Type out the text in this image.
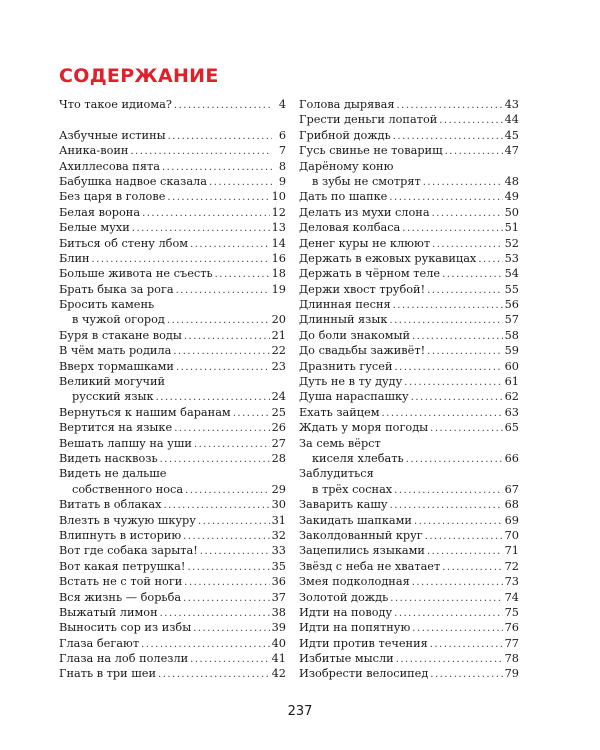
СОДЕРЖАНИЕ
Что такое идиома? .....	4
Азбучные истины .....	6
Аника-воин .....	7
Ахиллесова пята .....	8
Бабушка надвое сказала .....	9
Без царя в голове .....	10
Белая ворона .....	12
Белые мухи .....	13
Биться об стену лбом .....	14
Блин .....	16
Больше живота не съесть .....	18
Брать быка за рога .....	19
Бросить камень
в чужой огород .....	20
Буря в стакане воды .....	21
В чём мать родила .....	22
Вверх тормашками .....	23
Великий могучий
русский язык .....	24
Вернуться к нашим баранам .....	25
Вертится на языке .....	26
Вешать лапшу на уши .....	27
Видеть насквозь .....	28
Видеть не дальше
собственного носа .....	29
Витать в облаках .....	30
Влезть в чужую шкуру .....	31
Влипнуть в историю .....	32
Вот где собака зарыта! .....	33
Вот какая петрушка! .....	35
Встать не с той ноги .....	36
Вся жизнь — борьба .....	37
Выжатый лимон .....	38
Выносить сор из избы .....	39
Глаза бегают .....	40
Глаза на лоб полезли .....	41
Гнать в три шеи .....	42
Голова дырявая .....	43
Грести деньги лопатой .....	44
Грибной дождь .....	45
Гусь свинье не товарищ .....	47
Дарёному коню
в зубы не смотрят .....	48
Дать по шапке .....	49
Делать из мухи слона .....	50
Деловая колбаса .....	51
Денег куры не клюют .....	52
Держать в ежовых рукавицах .....	53
Держать в чёрном теле .....	54
Держи хвост трубой! .....	55
Длинная песня .....	56
Длинный язык .....	57
До боли знакомый .....	58
До свадьбы заживёт! .....	59
Дразнить гусей .....	60
Дуть не в ту дуду .....	61
Душа нараспашку .....	62
Ехать зайцем .....	63
Ждать у моря погоды .....	65
За семь вёрст
киселя хлебать .....	66
Заблудиться
в трёх соснах .....	67
Заварить кашу .....	68
Закидать шапками .....	69
Заколдованный круг .....	70
Зацепились языками .....	71
Звёзд с неба не хватает .....	72
Змея подколодная .....	73
Золотой дождь .....	74
Идти на поводу .....	75
Идти на попятную .....	76
Идти против течения .....	77
Избитые мысли .....	78
Изобрести велосипед .....	79
237
